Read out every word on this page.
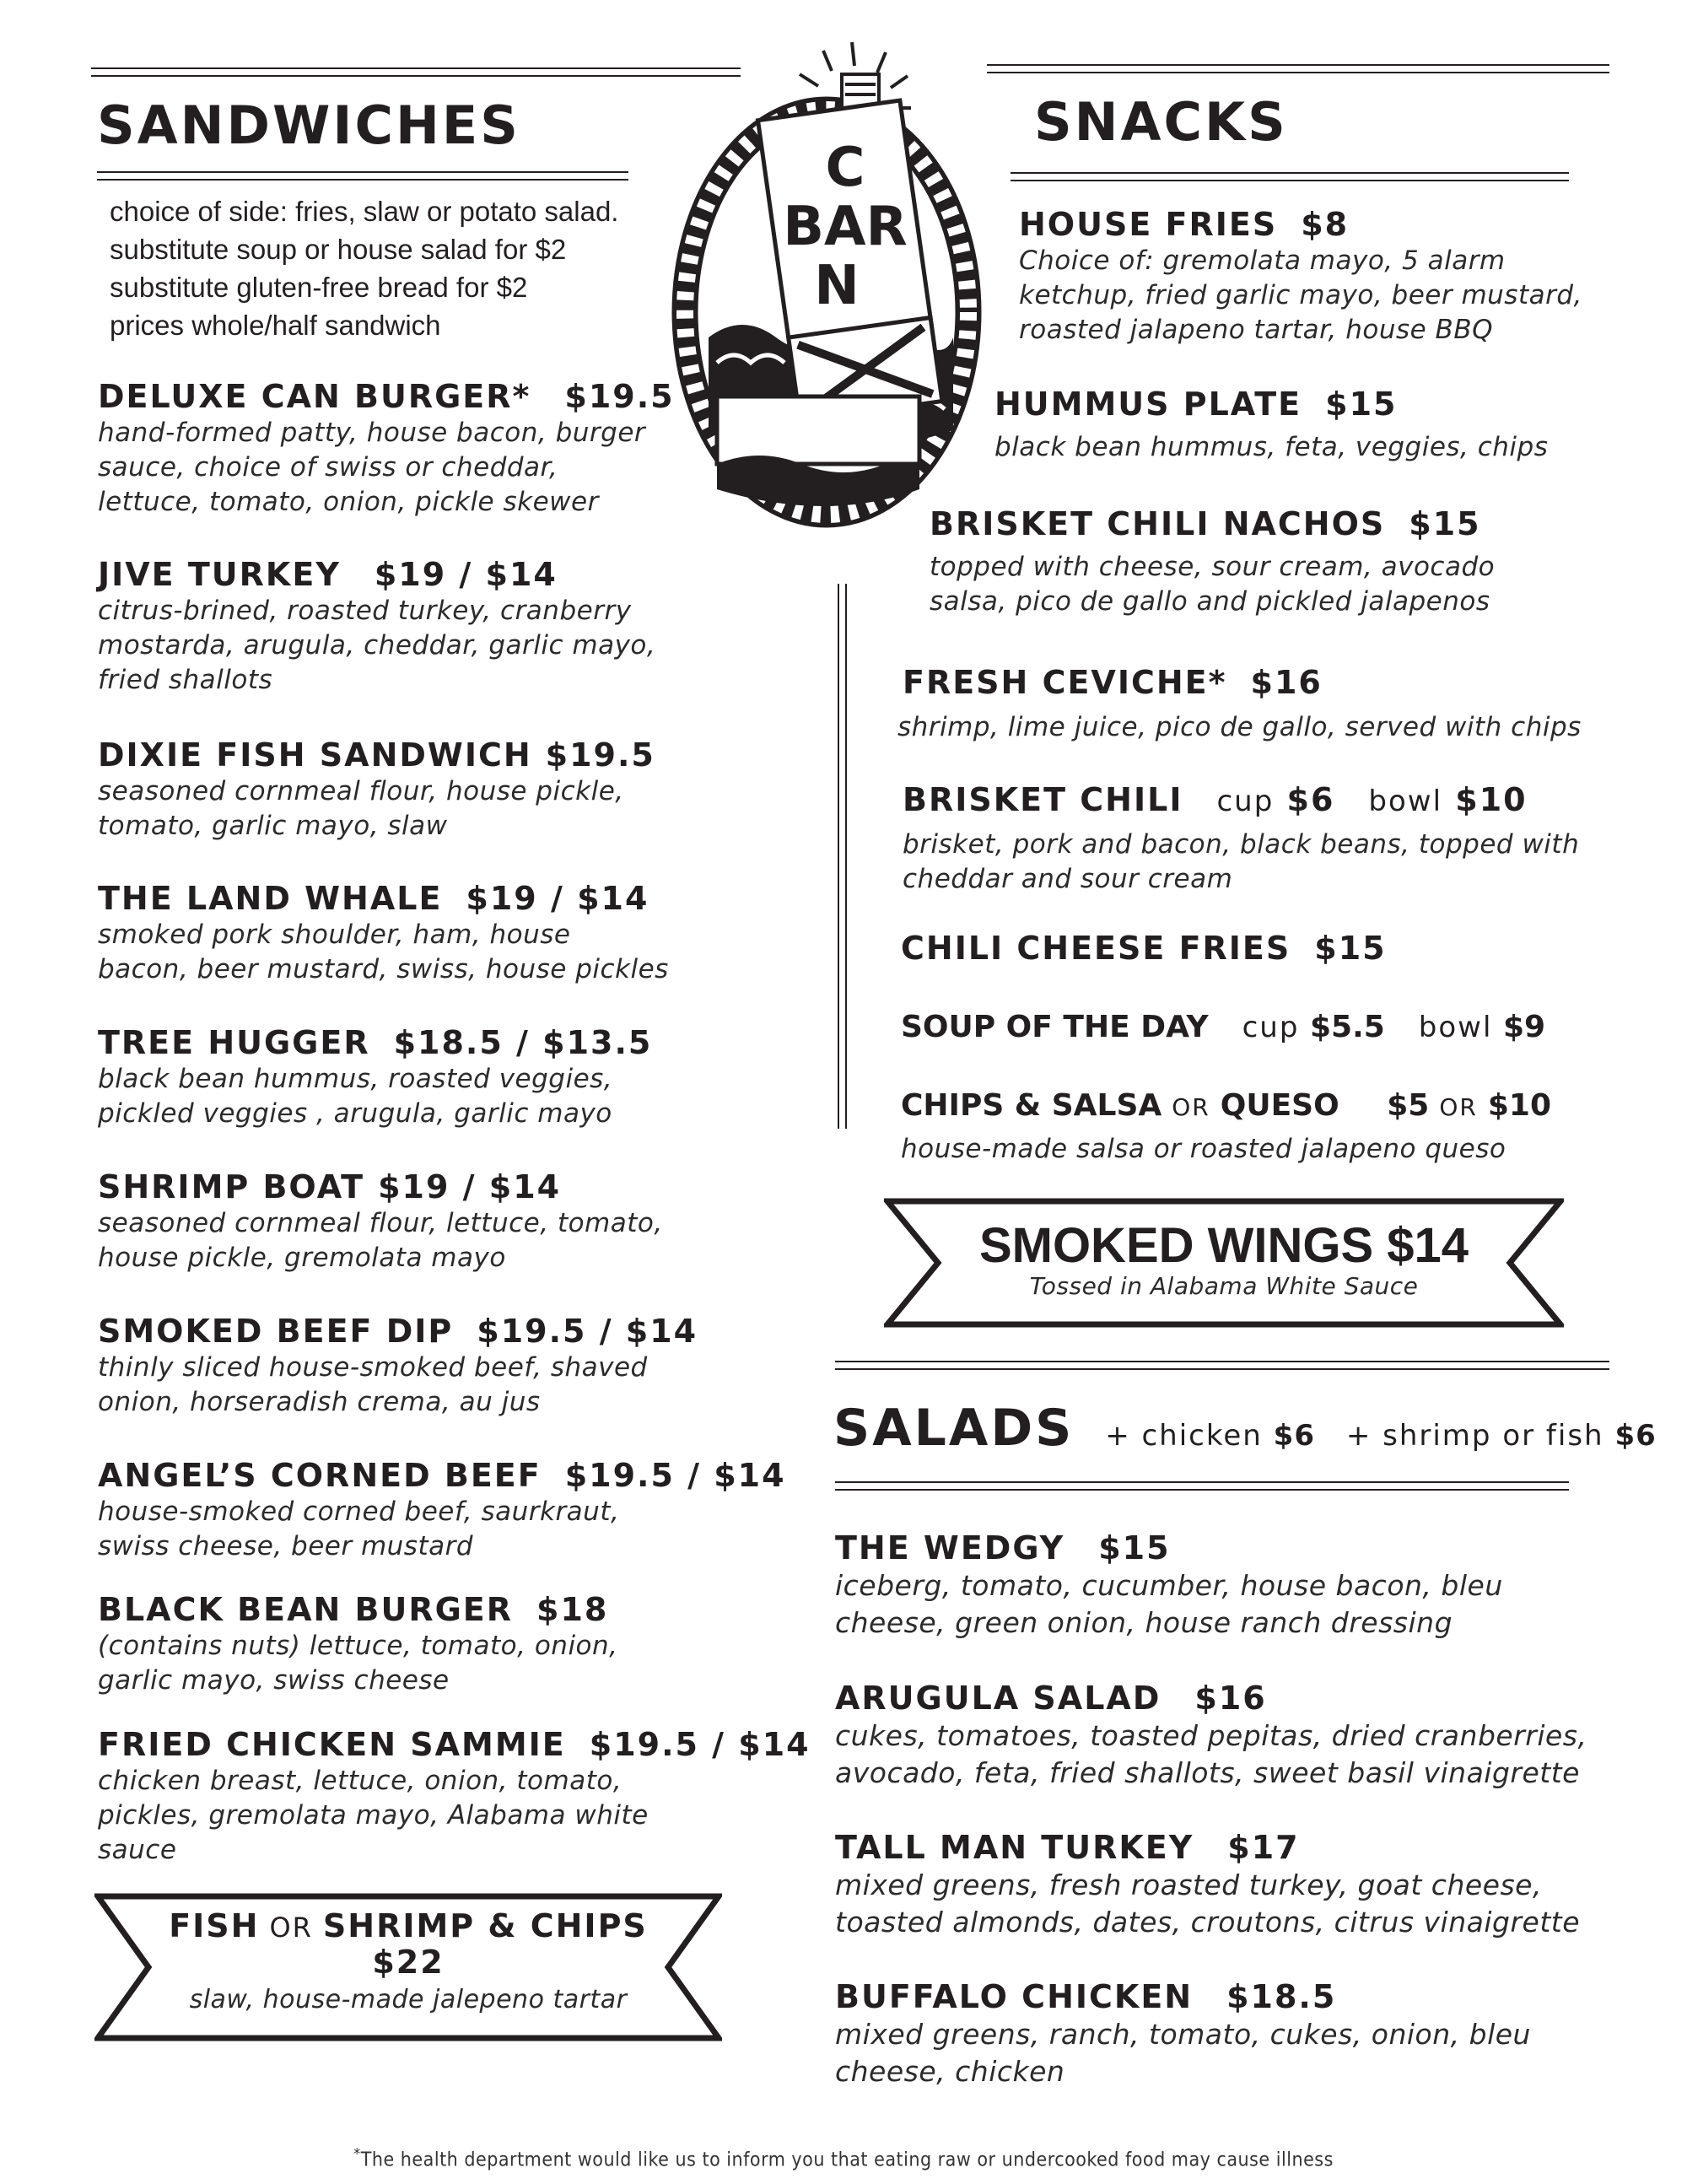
C
BAR
N
SANDWICHES
choice of side: fries, slaw or potato salad.
substitute soup or house salad for $2
substitute gluten-free bread for $2
prices whole/half sandwich
DELUXE CAN BURGER* $19.5
hand-formed patty, house bacon, burger
sauce, choice of swiss or cheddar,
lettuce, tomato, onion, pickle skewer
JIVE TURKEY $19 / $14
citrus-brined, roasted turkey, cranberry
mostarda, arugula, cheddar, garlic mayo,
fried shallots
DIXIE FISH SANDWICH $19.5
seasoned cornmeal flour, house pickle,
tomato, garlic mayo, slaw
THE LAND WHALE $19 / $14
smoked pork shoulder, ham, house
bacon, beer mustard, swiss, house pickles
TREE HUGGER $18.5 / $13.5
black bean hummus, roasted veggies,
pickled veggies , arugula, garlic mayo
SHRIMP BOAT $19 / $14
seasoned cornmeal flour, lettuce, tomato,
house pickle, gremolata mayo
SMOKED BEEF DIP $19.5 / $14
thinly sliced house-smoked beef, shaved
onion, horseradish crema, au jus
ANGEL’S CORNED BEEF $19.5 / $14
house-smoked corned beef, saurkraut,
swiss cheese, beer mustard
BLACK BEAN BURGER $18
(contains nuts) lettuce, tomato, onion,
garlic mayo, swiss cheese
FRIED CHICKEN SAMMIE $19.5 / $14
chicken breast, lettuce, onion, tomato,
pickles, gremolata mayo, Alabama white
sauce
FISH OR SHRIMP & CHIPS
$22
slaw, house-made jalepeno tartar
SNACKS
HOUSE FRIES $8
Choice of: gremolata mayo, 5 alarm
ketchup, fried garlic mayo, beer mustard,
roasted jalapeno tartar, house BBQ
HUMMUS PLATE $15
black bean hummus, feta, veggies, chips
BRISKET CHILI NACHOS $15
topped with cheese, sour cream, avocado
salsa, pico de gallo and pickled jalapenos
FRESH CEVICHE* $16
shrimp, lime juice, pico de gallo, served with chips
BRISKET CHILI cup $6 bowl $10
brisket, pork and bacon, black beans, topped with
cheddar and sour cream
CHILI CHEESE FRIES $15
SOUP OF THE DAY cup $5.5 bowl $9
CHIPS & SALSA OR QUESO $5 OR $10
house-made salsa or roasted jalapeno queso
SMOKED WINGS $14
Tossed in Alabama White Sauce
SALADS + chicken $6 + shrimp or fish $6
THE WEDGY $15
iceberg, tomato, cucumber, house bacon, bleu
cheese, green onion, house ranch dressing
ARUGULA SALAD $16
cukes, tomatoes, toasted pepitas, dried cranberries,
avocado, feta, fried shallots, sweet basil vinaigrette
TALL MAN TURKEY $17
mixed greens, fresh roasted turkey, goat cheese,
toasted almonds, dates, croutons, citrus vinaigrette
BUFFALO CHICKEN $18.5
mixed greens, ranch, tomato, cukes, onion, bleu
cheese, chicken
*The health department would like us to inform you that eating raw or undercooked food may cause illness
